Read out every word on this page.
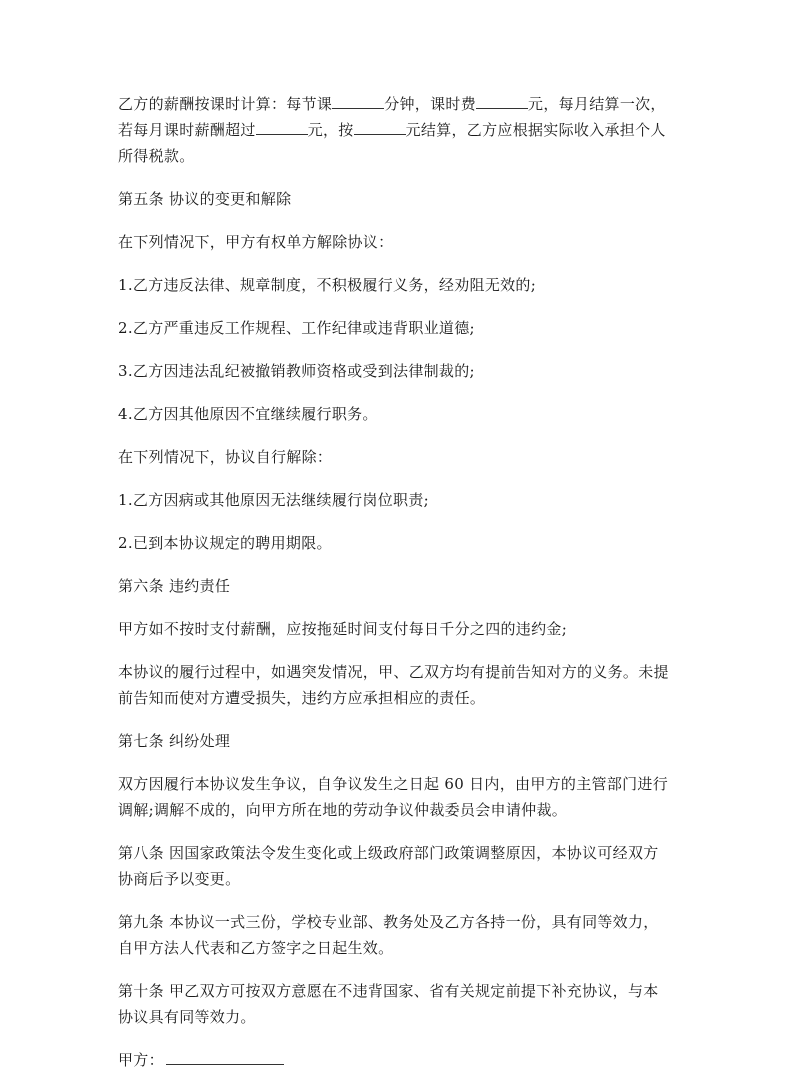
乙方的薪酬按课时计算：每节课	分钟，课时费	元，每月结算一次，
若每月课时薪酬超过	元，按	元结算，乙方应根据实际收入承担个人
所得税款。

第五条 协议的变更和解除

在下列情况下，甲方有权单方解除协议：

1.乙方违反法律、规章制度，不积极履行义务，经劝阻无效的;

2.乙方严重违反工作规程、工作纪律或违背职业道德;

3.乙方因违法乱纪被撤销教师资格或受到法律制裁的;

4.乙方因其他原因不宜继续履行职务。

在下列情况下，协议自行解除：

1.乙方因病或其他原因无法继续履行岗位职责;

2.已到本协议规定的聘用期限。

第六条 违约责任

甲方如不按时支付薪酬，应按拖延时间支付每日千分之四的违约金;

本协议的履行过程中，如遇突发情况，甲、乙双方均有提前告知对方的义务。未提
前告知而使对方遭受损失，违约方应承担相应的责任。

第七条 纠纷处理

双方因履行本协议发生争议，自争议发生之日起 60 日内，由甲方的主管部门进行
调解;调解不成的，向甲方所在地的劳动争议仲裁委员会申请仲裁。

第八条 因国家政策法令发生变化或上级政府部门政策调整原因，本协议可经双方
协商后予以变更。

第九条 本协议一式三份，学校专业部、教务处及乙方各持一份，具有同等效力，
自甲方法人代表和乙方签字之日起生效。

第十条 甲乙双方可按双方意愿在不违背国家、省有关规定前提下补充协议，与本
协议具有同等效力。

甲方：
